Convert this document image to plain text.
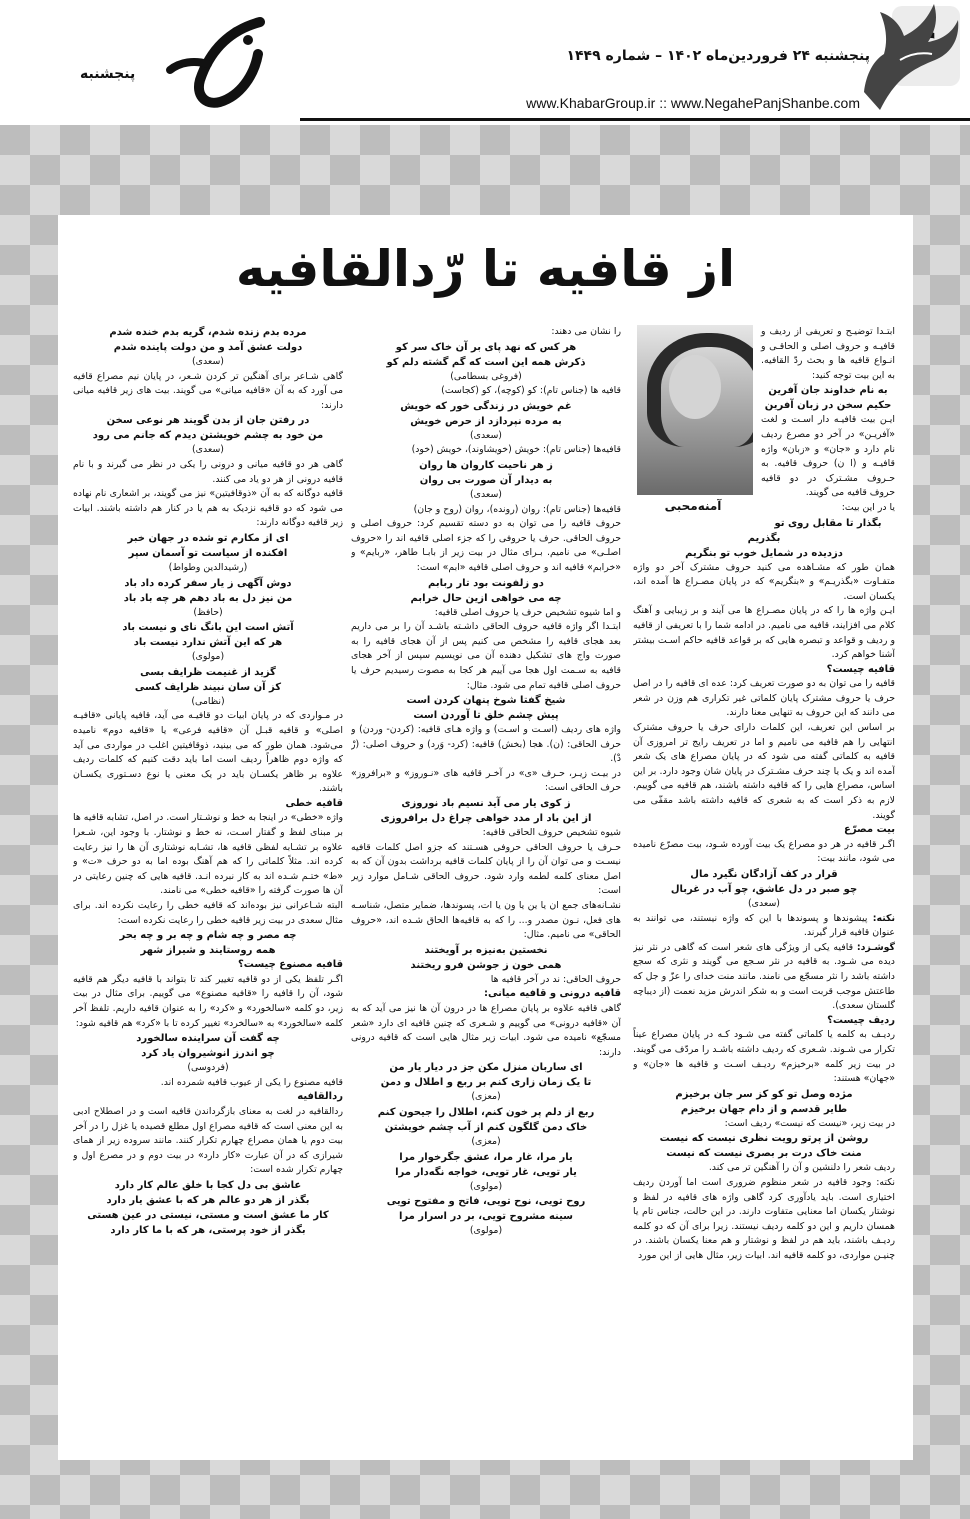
پنجشنبه ۲۴ فروردین‌ماه ۱۴۰۲ – شماره ۱۴۴۹
www.KhabarGroup.ir :: www.NegahePanjShanbe.com
پنجشنبه
از قافیه تا رّدالقافیه
آمنه‌محبی

ابتـدا توضیـح و تعریفی از ردیف و قافیـه و حروف اصلی و الحاقـی و انـواع قافیه ها و بحث ردّ القافیه. به این بیت توجه کنید:

به نام خداوند جان آفرین

حکیم سخن در زبان آفرین

ایـن بیت قافیـه دار اسـت و لغت «آفریـن» در آخر دو مصرع ردیف نام دارد و «جان» و «زبان» واژه قافیـه و (ا ن) حروف قافیه. به حـروف مشـترک در دو قافیه حروف قافیه می گویند.

یا در این بیت:

بگذار تا مقابل روی تو بگذریم

دزدیده در شمایل خوب تو بنگریم

همان طور که مشـاهده می کنید حروف مشترک آخر دو واژه متفـاوت «بگذریـم» و «بنگریم» که در پایان مصـراع ها آمده اند، یکسان است.

ایـن واژه ها را که در پایان مصـراع ها می آیند و بر زیبایی و آهنگ کلام می افزایند، قافیه می نامیم. در ادامه شما را با تعریفی از قافیه و ردیف و قواعد و تبصره هایی که بر قواعد قافیه حاکم اسـت بیشتر آشنا خواهم کرد.

قافیه چیست؟

قافیه را می توان به دو صورت تعریف کرد: عده ای قافیه را در اصل حرف یا حروف مشترک پایان کلماتی غیر تکراری هم وزن در شعر می دانند که این حروف به تنهایی معنا دارند.

بر اساس این تعریف، این کلمات دارای حرف یا حروف مشترک انتهایی را هم قافیه می نامیم و اما در تعریف رایج تر امروزی آن قافیه به کلماتی گفته می شود که در پایان مصراع های یک شعر آمده اند و یک یا چند حرف مشـترک در پایان شان وجود دارد. بر این اساس، مصراع هایی را که قافیه داشته باشند، هم قافیه می گوییم. لازم به ذکر است که به شعری که قافیه داشته باشد مقفّی می گویند.

بیت مصرّع

اگـر قافیه در هر دو مصراع یک بیت آورده شـود، بیت مصرّع نامیده می شود، مانند بیت:

قرار در کف آزادگان نگیرد مال

چو صبر در دل عاشق، چو آب در غربال

(سعدی)

نکته: پیشوندها و پسوندها با این که واژه نیستند، می توانند به عنوان قافیه قرار گیرند.

گوشـزد: قافیه یکی از ویژگی های شعر است که گاهی در نثر نیز دیده می شـود. به قافیه در نثر سـجع می گویند و نثری که سجع داشته باشد را نثر مسجّع می نامند. مانند منت خدای را عزّ و جل که طاعتش موجب قربت است و به شکر اندرش مزید نعمت (از دیباچه گلستان سعدی).

ردیف چیست؟

ردیـف به کلمه یا کلماتی گفته می شـود کـه در پایان مصراع عیناً تکرار می شـوند. شـعری که ردیف داشته باشـد را مردّف می گویند. در بیت زیر کلمه «برخیزم» ردیـف اسـت و قافیه ها «جان» و «جهان» هستند:

مژده وصل تو کو کز سر جان برخیزم

طایر قدسم و از دام جهان برخیزم

در بیت زیر، «نیست که نیست» ردیف است:

روشن از پرتو رویت نظری نیست که نیست

منت خاک درت بر بصری نیست که نیست

ردیف شعر را دلنشین و آن را آهنگین تر می کند.

نکته: وجود قافیه در شعر منظوم ضروری است اما آوردن ردیف اختیاری است. باید یادآوری کرد گاهی واژه های قافیه در لفظ و نوشتار یکسان اما معنایی متفاوت دارند. در این حالت، جناس تام یا همسان داریم و این دو کلمه ردیف نیستند. زیرا برای آن که دو کلمه ردیـف باشند، باید هم در لفظ و نوشتار و هم معنا یکسان باشند. در چنیـن مواردی، دو کلمه قافیه اند. ابیات زیر، مثال هایی از این مورد

را نشان می دهند:

هر کس که نهد پای بر آن خاک سر کو

ذکرش همه این است که گم گشته دلم کو

(فروغی بسطامی)

قافیه ها (جناس تام): کو (کوچه)، کو (کجاست)

غم خویش در زندگی خور که خویش

به مرده نپردازد از حرص خویش

(سعدی)

قافیه‌ها (جناس تام): خویش (خویشاوند)، خویش (خود)

ز هر ناحیت کاروان ها روان

به دیدار آن صورت بی روان

(سعدی)

قافیه‌ها (جناس تام): روان (رونده)، روان (روح و جان)

حروف قافیه را می توان به دو دسته تقسیم کرد: حروف اصلی و حروف الحاقی. حرف یا حروفی را که جزء اصلی قافیه اند را «حروف اصلـی» می نامیم. بـرای مثال در بیت زیر از بابـا طاهر، «ربایم» و «خرابم» قافیه اند و حروف اصلی قافیه «ابم» است:

دو زلفونت بود تار ربابم

چه می خواهی ازین حال خرابم

و اما شیوه تشخیص حرف یا حروف اصلی قافیه:

ابتـدا اگر واژه قافیه حروف الحاقی داشـته باشـد آن را بر می داریم بعد هجای قافیه را مشخص می کنیم پس از آن هجای قافیه را به صورت واج های تشکیل دهنده آن می نویسیم سپس از آخر هجای قافیه به سـمت اول هجا می آییم هر کجا به مصوت رسیدیم حرف یا حروف اصلی قافیه تمام می شود. مثال:

شیخ گفتا شوخ پنهان کردن است

پیش چشم خلق تا آوردن است

واژه های ردیف (اسـت و اسـت) و واژه هـای قافیه: (کردن- وردن) و حرف الحاقی: (ن). هجا (بخش) قافیه: (کرد- وَرد) و حروف اصلی: (رْ دْ).

در بیـت زیـر، حـرف «ی» در آخـر قافیه های «نـوروز» و «برافروز» حرف الحاقی است:

ز کوی یار می آید نسیم باد نوروزی

از این باد ار مدد خواهی چراغ دل برافروزی

شیوه تشخیص حروف الحاقی قافیه:

حـرف یا حروف الحاقی حروفی هسـتند که جزو اصل کلمات قافیه نیسـت و می توان آن را از پایان کلمات قافیه برداشت بدون آن که به اصل معنای کلمه لطمه وارد شود. حروف الحاقی شـامل موارد زیر است:

نشـانه‌های جمع ان یا ین یا ون یا ات، پسوندها، ضمایر متصل، شناسـه های فعل، نـون مصدر و... را که به قافیه‌ها الحاق شـده اند، «حروف الحاقی» می نامیم. مثال:

نخستین به‌نیزه بر آویختند

همی خون ز جوشن فرو ریختند

حروف الحاقی: ند در آخر قافیه ها

قافیه درونی و قافیه میانی:

گاهی قافیه علاوه بر پایان مصراع ها در درون آن ها نیز می آید که به آن «قافیه درونی» می گوییم و شـعری که چنین قافیه ای دارد «شعر مسجّع» نامیده می شود. ابیات زیر مثال هایی است که قافیه درونی دارند:

ای ساربان منزل مکن جز در دیار یار من

تا یک زمان زاری کنم بر ربع و اطلال و دمن

(معزی)

ربع از دلم پر خون کنم، اطلال را جیحون کنم

خاک دمن گلگون کنم از آب چشم خویشتن

(معزی)

یار مرا، غار مرا، عشق جگرخوار مرا

یار تویی، غار تویی، خواجه نگه‌دار مرا

(مولوی)

روح تویی، نوح تویی، فاتح و مفتوح تویی

سینه مشروح تویی، بر در اسرار مرا

(مولوی)

مرده بدم زنده شدم، گریه بدم خنده شدم

دولت عشق آمد و من دولت پاینده شدم

(سعدی)

گاهی شـاعر برای آهنگین تر کردن شـعر، در پایان نیم مصراع قافیه می آورد که به آن «قافیه میانی» می گویند. بیت های زیر قافیه میانی دارند:

در رفتن جان از بدن گویند هر نوعی سخن

من خود به چشم خویشتن دیدم که جانم می رود

(سعدی)

گاهی هر دو قافیه میانی و درونی را یکی در نظر می گیرند و با نام قافیه درونی از هر دو یاد می کنند.

قافیه دوگانه که به آن «ذوقافیتین» نیز می گویند، بر اشعاری نام نهاده می شود که دو قافیه نزدیک به هم یا در کنار هم داشته باشند. ابیات زیر قافیه دوگانه دارند:

ای از مکارم تو شده در جهان خبر

افکنده از سیاست تو آسمان سپر

(رشیدالدین وطواط)

دوش آگهی ز یار سفر کرده داد باد

من نیز دل به باد دهم هر چه باد باد

(حافظ)

آتش است این بانگ نای و نیست باد

هر که این آتش ندارد نیست باد

(مولوی)

گزید از غنیمت ظرایف بسی

کز آن سان نبیند ظرایف کسی

(نظامی)

در مـواردی که در پایان ابیات دو قافیـه می آید، قافیه پایانی «قافیـه اصلی» و قافیه قبـل آن «قافیه فرعی» یا «قافیه دوم» نامیده می‌شود. همان طور که می بینید، ذوقافیتین اغلب در مواردی می آید که واژه دوم ظاهراً ردیف است اما باید دقت کنیم که کلمات ردیف علاوه بر ظاهر یکسـان باید در یک معنی یا نوع دسـتوری یکسـان باشند.

قافیه خطی

واژه «خطی» در اینجا به خط و نوشـتار است. در اصل، تشابه قافیه ها بر مبنای لفظ و گفتار اسـت، نه خط و نوشتار. با وجود این، شـعرا علاوه بر تشـابه لفظی قافیه ها، تشـابه نوشتاری آن ها را نیز رعایت کرده اند. مثلاً کلماتی را که هم آهنگ بوده اما به دو حرف «ت» و «ط» ختـم شـده اند به کار نبرده انـد. قافیه هایی که چنین رعایتی در آن ها صورت گرفته را «قافیه خطی» می نامند.

البته شـاعرانی نیز بوده‌اند که قافیه خطی را رعایت نکرده اند. برای مثال سعدی در بیت زیر قافیه خطی را رعایت نکرده است:

چه مصر و چه شام و چه بر و چه بحر

همه روستایند و شیراز شهر

قافیه مصنوع چیست؟

اگـر تلفظ یکی از دو قافیه تغییر کند تا بتواند با قافیه دیگر هم قافیه شود، آن را قافیه را «قافیه مصنوع» می گوییم. برای مثال در بیت زیر، دو کلمه «سالخورد» و «کرد» را به عنوان قافیه داریم. تلفظ آخر کلمه «سالخورد» به «سالخرد» تغییر کرده تا با «کرد» هم قافیه شود:

چه گفت آن سراینده سالخورد

چو اندرز انوشیروان یاد کرد

(فردوسی)

قافیه مصنوع را یکی از عیوب قافیه شمرده اند.

ردالقافیه

ردالقافیه در لغت به معنای بازگرداندن قافیه است و در اصطلاح ادبی به این معنی است که قافیه مصراع اول مطلع قصیده یا غزل را در آخر بیت دوم یا همان مصراع چهارم تکرار کنند. مانند سروده زیر از همای شیرازی که در آن عبارت «کار دارد» در بیت دوم و در مصرع اول و چهارم تکرار شده است:

عاشق بی دل کجا با خلق عالم کار دارد

بگذر از هر دو عالم هر که با عشق یار دارد

کار ما عشق است و مستی، نیستی در عین هستی

بگذر از خود پرستی، هر که با ما کار دارد
